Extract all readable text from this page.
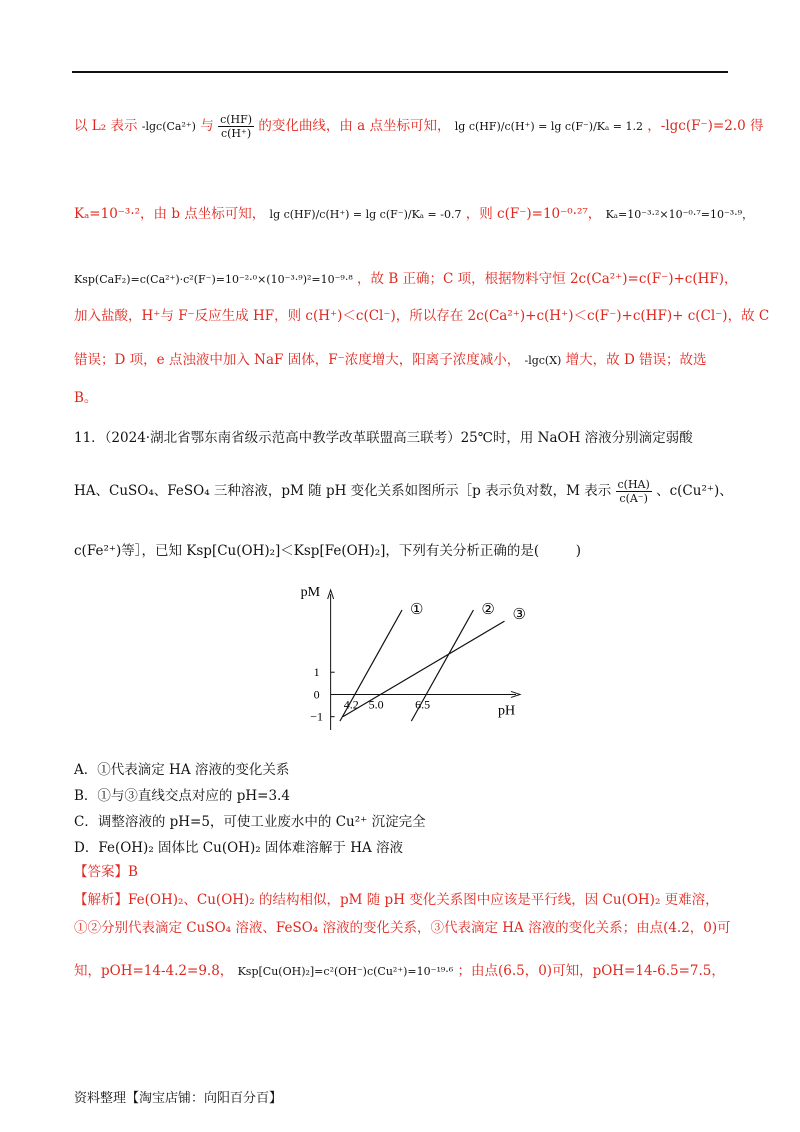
以 L₂ 表示 -lgc(Ca²⁺) 与 $\frac{c(HF)}{c(H^+)}$ 的变化曲线，由 a 点坐标可知， lg c(HF)/c(H⁺) = lg c(F⁻)/Kₐ = 1.2 ，-lgc(F⁻)=2.0 得
Kₐ=10⁻³·²，由 b 点坐标可知， lg c(HF)/c(H⁺) = lg c(F⁻)/Kₐ = -0.7 ，则 c(F⁻)=10⁻⁰·²⁷， Kₐ=10⁻³·²×10⁻⁰·⁷=10⁻³·⁹，
Ksp(CaF₂)=c(Ca²⁺)·c²(F⁻)=10⁻²·⁰×(10⁻³·⁹)²=10⁻⁹·⁸ ，故 B 正确；C 项，根据物料守恒 2c(Ca²⁺)=c(F⁻)+c(HF)，
加入盐酸，H⁺与 F⁻反应生成 HF，则 c(H⁺)＜c(Cl⁻)，所以存在 2c(Ca²⁺)+c(H⁺)＜c(F⁻)+c(HF)+ c(Cl⁻)，故 C
错误；D 项，e 点浊液中加入 NaF 固体，F⁻浓度增大，阳离子浓度减小， -lgc(X) 增大，故 D 错误；故选
B。
11．（2024·湖北省鄂东南省级示范高中教学改革联盟高三联考）25℃时，用 NaOH 溶液分别滴定弱酸
HA、CuSO₄、FeSO₄ 三种溶液，pM 随 pH 变化关系如图所示［p 表示负对数，M 表示 $\frac{c(HA)}{c(A^-)}$ 、c(Cu²⁺)、
c(Fe²⁺)等］，已知 Ksp[Cu(OH)₂]＜Ksp[Fe(OH)₂]，下列有关分析正确的是(	)
pM
pH
1
0
−1
4.2 5.0	6.5
①	② ③
A．①代表滴定 HA 溶液的变化关系
B．①与③直线交点对应的 pH=3.4
C．调整溶液的 pH=5，可使工业废水中的 Cu²⁺ 沉淀完全
D．Fe(OH)₂ 固体比 Cu(OH)₂ 固体难溶解于 HA 溶液
【答案】B
【解析】Fe(OH)₂、Cu(OH)₂ 的结构相似，pM 随 pH 变化关系图中应该是平行线，因 Cu(OH)₂ 更难溶，
①②分别代表滴定 CuSO₄ 溶液、FeSO₄ 溶液的变化关系，③代表滴定 HA 溶液的变化关系；由点(4.2，0)可
知，pOH=14-4.2=9.8， Ksp[Cu(OH)₂]=c²(OH⁻)c(Cu²⁺)=10⁻¹⁹·⁶ ；由点(6.5，0)可知，pOH=14-6.5=7.5，
资料整理【淘宝店铺：向阳百分百】
